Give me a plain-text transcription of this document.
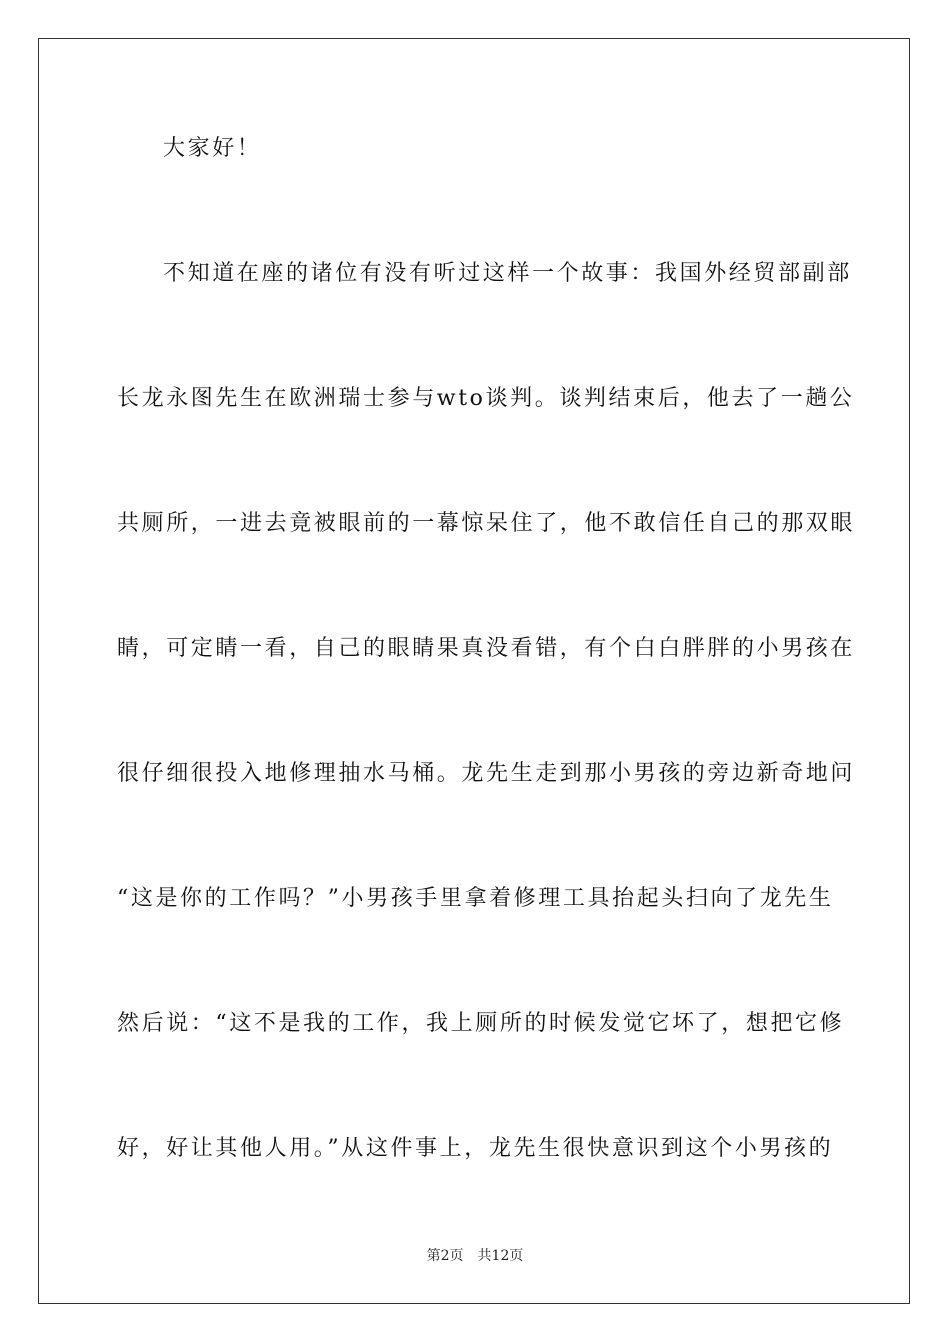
大家好！
不知道在座的诸位有没有听过这样一个故事：我国外经贸部副部
长龙永图先生在欧洲瑞士参与wto谈判。谈判结束后，他去了一趟公
共厕所，一进去竟被眼前的一幕惊呆住了，他不敢信任自己的那双眼
睛，可定睛一看，自己的眼睛果真没看错，有个白白胖胖的小男孩在
很仔细很投入地修理抽水马桶。龙先生走到那小男孩的旁边新奇地问
“这是你的工作吗？”小男孩手里拿着修理工具抬起头扫向了龙先生
然后说：“这不是我的工作，我上厕所的时候发觉它坏了，想把它修
好，好让其他人用。”从这件事上，龙先生很快意识到这个小男孩的
第2页 共12页
